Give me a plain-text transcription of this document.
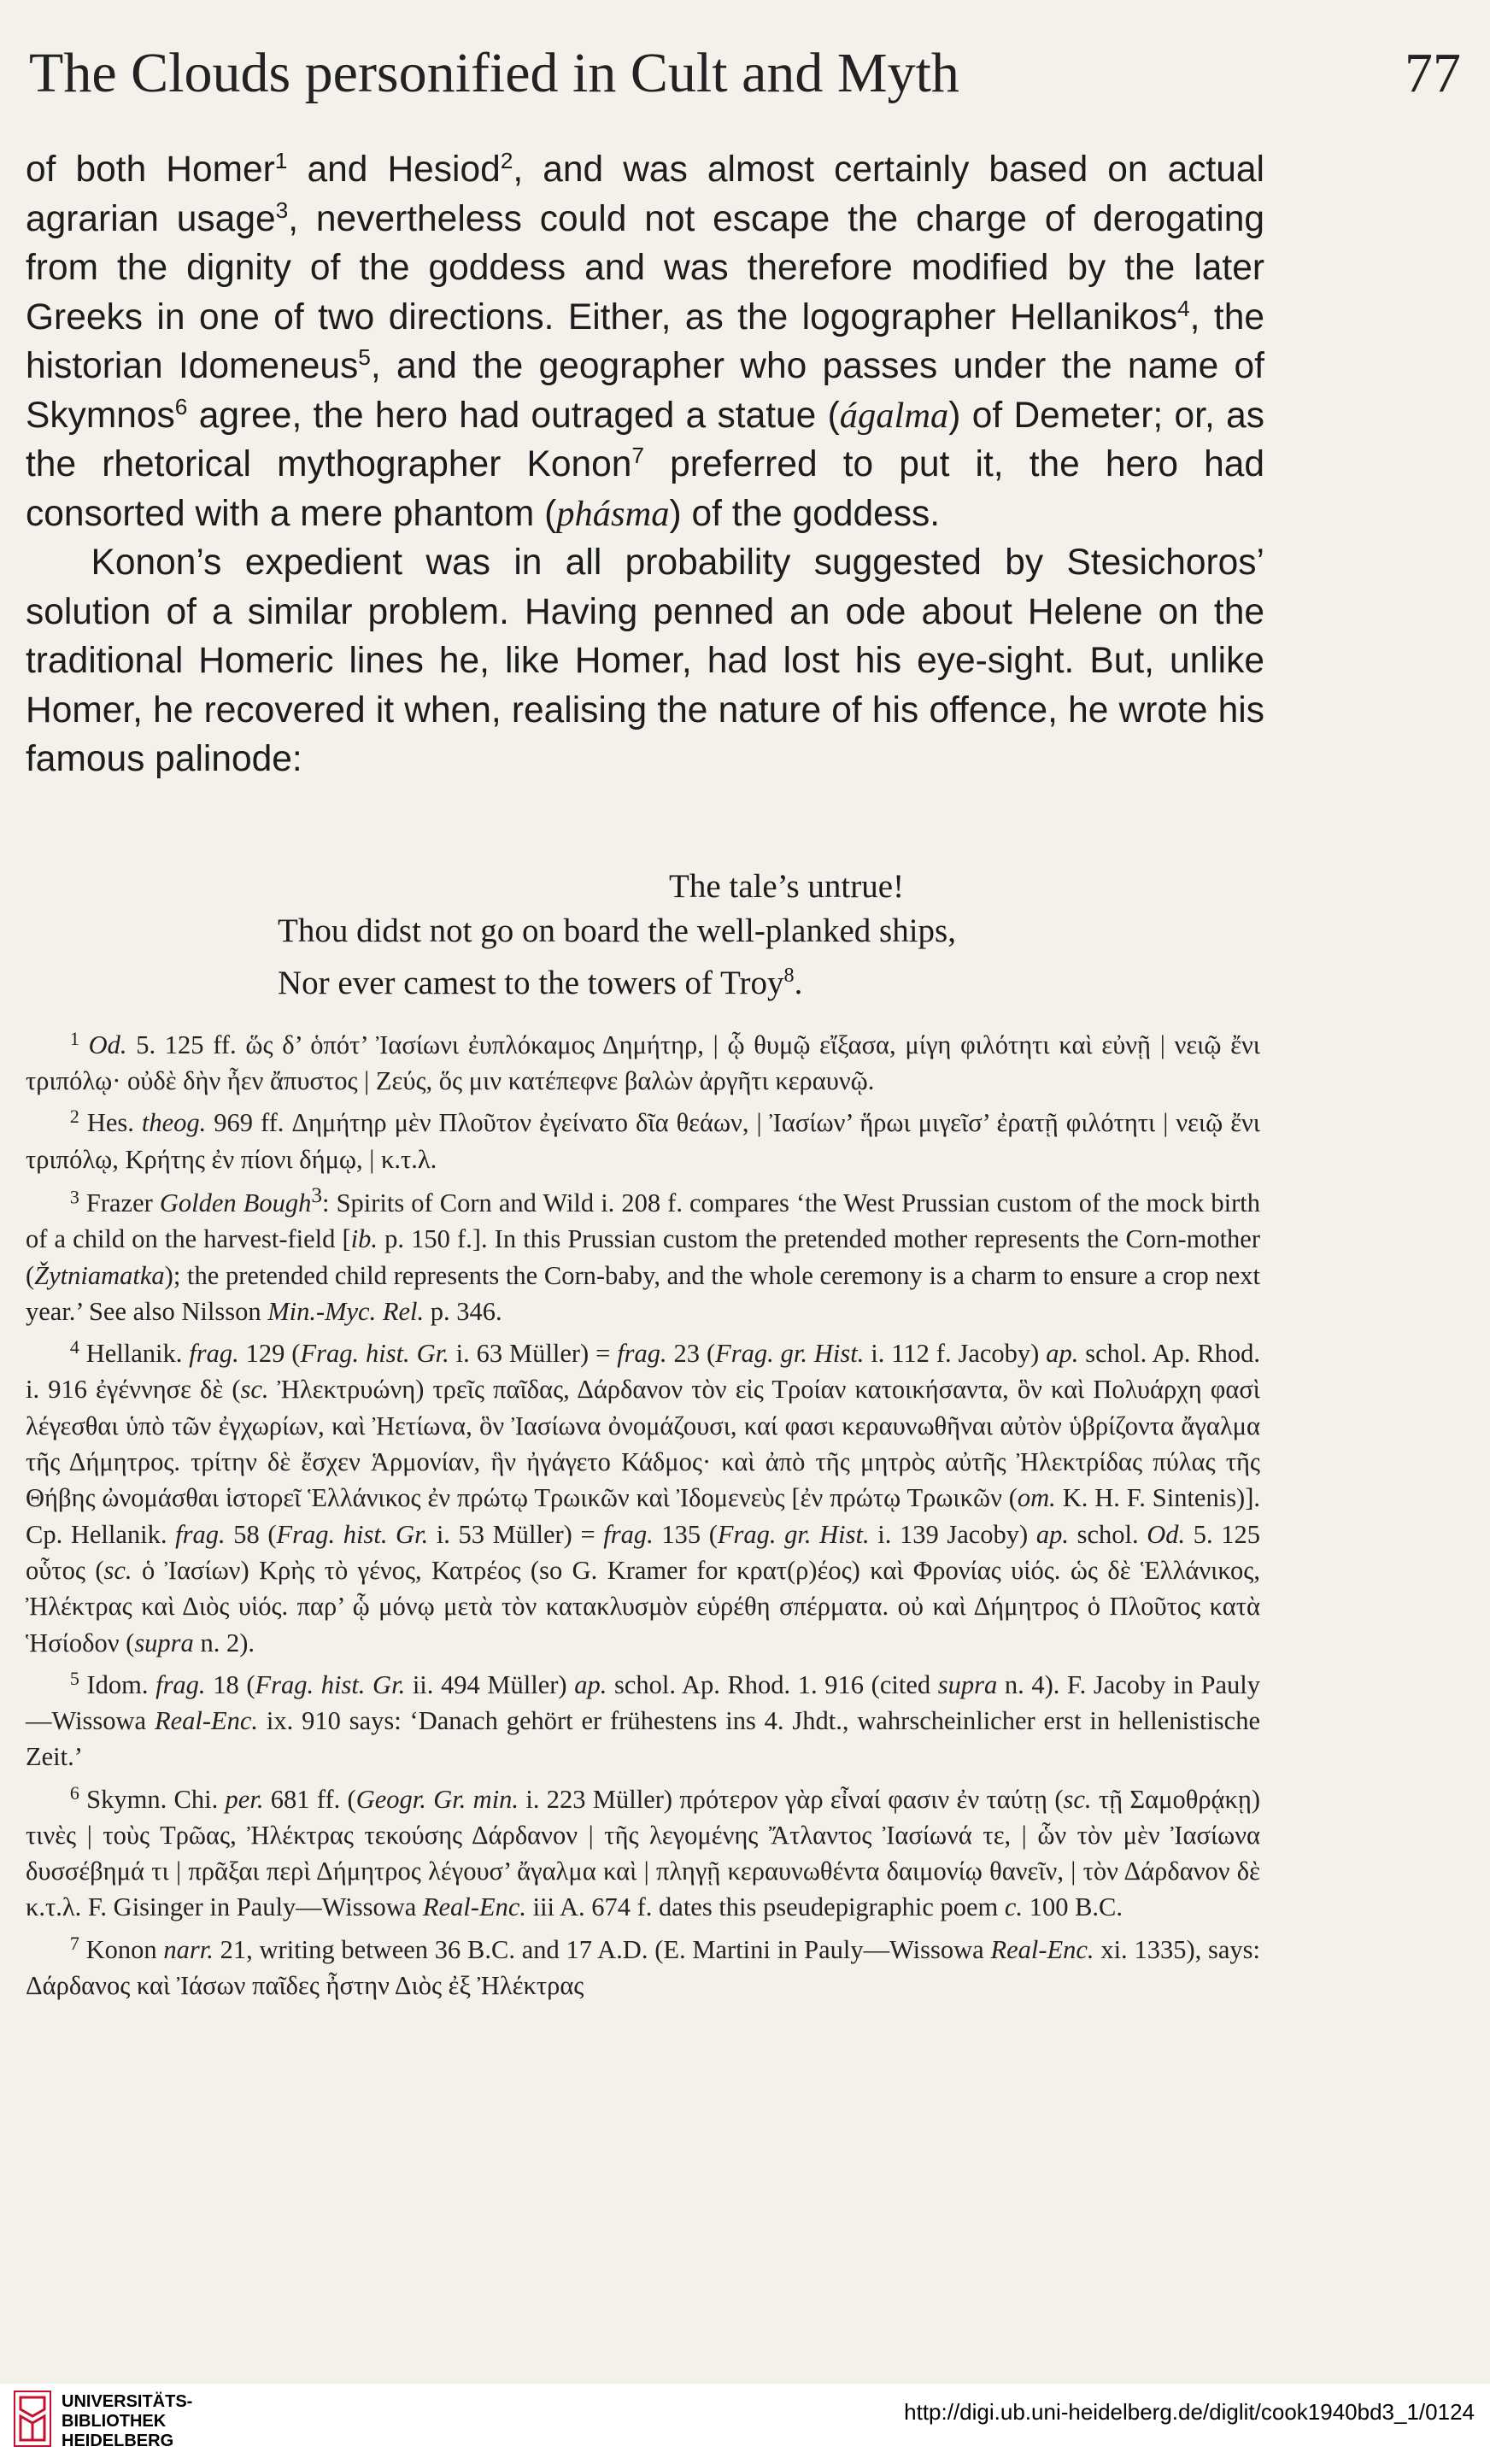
The Clouds personified in Cult and Myth	77

of both Homer$^1$ and Hesiod$^2$, and was almost certainly based on actual agrarian usage$^3$, nevertheless could not escape the charge of derogating from the dignity of the goddess and was therefore modified by the later Greeks in one of two directions. Either, as the logographer Hellanikos$^4$, the historian Idomeneus$^5$, and the geographer who passes under the name of Skymnos$^6$ agree, the hero had outraged a statue (ágalma) of Demeter; or, as the rhetorical mythographer Konon$^7$ preferred to put it, the hero had consorted with a mere phantom (phásma) of the goddess.

Konon’s expedient was in all probability suggested by Stesichoros’ solution of a similar problem. Having penned an ode about Helene on the traditional Homeric lines he, like Homer, had lost his eye-sight. But, unlike Homer, he recovered it when, realising the nature of his offence, he wrote his famous palinode:

The tale’s untrue!
Thou didst not go on board the well-planked ships,
Nor ever camest to the towers of Troy$^8$.

$^1$ Od. 5. 125 ff. ὥς δ’ ὁπότ’ Ἰασίωνι ἐυπλόκαμος Δημήτηρ, | ᾧ θυμῷ εἴξασα, μίγη φιλότητι καὶ εὐνῇ | νειῷ ἔνι τριπόλῳ· οὐδὲ δὴν ἦεν ἄπυστος | Ζεύς, ὅς μιν κατέπεφνε βαλὼν ἀργῆτι κεραυνῷ.

$^2$ Hes. theog. 969 ff. Δημήτηρ μὲν Πλοῦτον ἐγείνατο δῖα θεάων, | Ἰασίων’ ἥρωι μιγεῖσ’ ἐρατῇ φιλότητι | νειῷ ἔνι τριπόλῳ, Κρήτης ἐν πίονι δήμῳ, | κ.τ.λ.

$^3$ Frazer Golden Bough$^3$: Spirits of Corn and Wild i. 208 f. compares ‘the West Prussian custom of the mock birth of a child on the harvest-field [ib. p. 150 f.]. In this Prussian custom the pretended mother represents the Corn-mother (Žytniamatka); the pretended child represents the Corn-baby, and the whole ceremony is a charm to ensure a crop next year.’ See also Nilsson Min.-Myc. Rel. p. 346.

$^4$ Hellanik. frag. 129 (Frag. hist. Gr. i. 63 Müller) = frag. 23 (Frag. gr. Hist. i. 112 f. Jacoby) ap. schol. Ap. Rhod. i. 916 ἐγέννησε δὲ (sc. Ἠλεκτρυώνη) τρεῖς παῖδας, Δάρδανον τὸν εἰς Τροίαν κατοικήσαντα, ὃν καὶ Πολυάρχη φασὶ λέγεσθαι ὑπὸ τῶν ἐγχωρίων, καὶ Ἠετίωνα, ὃν Ἰασίωνα ὀνομάζουσι, καί φασι κεραυνωθῆναι αὐτὸν ὑβρίζοντα ἄγαλμα τῆς Δήμητρος. τρίτην δὲ ἔσχεν Ἁρμονίαν, ἣν ἠγάγετο Κάδμος· καὶ ἀπὸ τῆς μητρὸς αὐτῆς Ἠλεκτρίδας πύλας τῆς Θήβης ὠνομάσθαι ἱστορεῖ Ἑλλάνικος ἐν πρώτῳ Τρωικῶν καὶ Ἰδομενεὺς [ἐν πρώτῳ Τρωικῶν (om. K. H. F. Sintenis)]. Cp. Hellanik. frag. 58 (Frag. hist. Gr. i. 53 Müller) = frag. 135 (Frag. gr. Hist. i. 139 Jacoby) ap. schol. Od. 5. 125 οὗτος (sc. ὁ Ἰασίων) Κρὴς τὸ γένος, Κατρέος (so G. Kramer for κρατ(ρ)έος) καὶ Φρονίας υἱός. ὡς δὲ Ἑλλάνικος, Ἠλέκτρας καὶ Διὸς υἱός. παρ’ ᾧ μόνῳ μετὰ τὸν κατακλυσμὸν εὑρέθη σπέρματα. οὐ καὶ Δήμητρος ὁ Πλοῦτος κατὰ Ἡσίοδον (supra n. 2).

$^5$ Idom. frag. 18 (Frag. hist. Gr. ii. 494 Müller) ap. schol. Ap. Rhod. 1. 916 (cited supra n. 4). F. Jacoby in Pauly—Wissowa Real-Enc. ix. 910 says: ‘Danach gehört er frühestens ins 4. Jhdt., wahrscheinlicher erst in hellenistische Zeit.’

$^6$ Skymn. Chi. per. 681 ff. (Geogr. Gr. min. i. 223 Müller) πρότερον γὰρ εἶναί φασιν ἐν ταύτῃ (sc. τῇ Σαμοθρᾴκῃ) τινὲς | τοὺς Τρῶας, Ἠλέκτρας τεκούσης Δάρδανον | τῆς λεγομένης Ἄτλαντος Ἰασίωνά τε, | ὧν τὸν μὲν Ἰασίωνα δυσσέβημά τι | πρᾶξαι περὶ Δήμητρος λέγουσ’ ἄγαλμα καὶ | πληγῇ κεραυνωθέντα δαιμονίῳ θανεῖν, | τὸν Δάρδανον δὲ κ.τ.λ. F. Gisinger in Pauly—Wissowa Real-Enc. iii A. 674 f. dates this pseudepigraphic poem c. 100 B.C.

$^7$ Konon narr. 21, writing between 36 B.C. and 17 A.D. (E. Martini in Pauly—Wissowa Real-Enc. xi. 1335), says: Δάρδανος καὶ Ἰάσων παῖδες ἦστην Διὸς ἐξ Ἠλέκτρας

UNIVERSITÄTS-
BIBLIOTHEK
HEIDELBERG
http://digi.ub.uni-heidelberg.de/diglit/cook1940bd3_1/0124
